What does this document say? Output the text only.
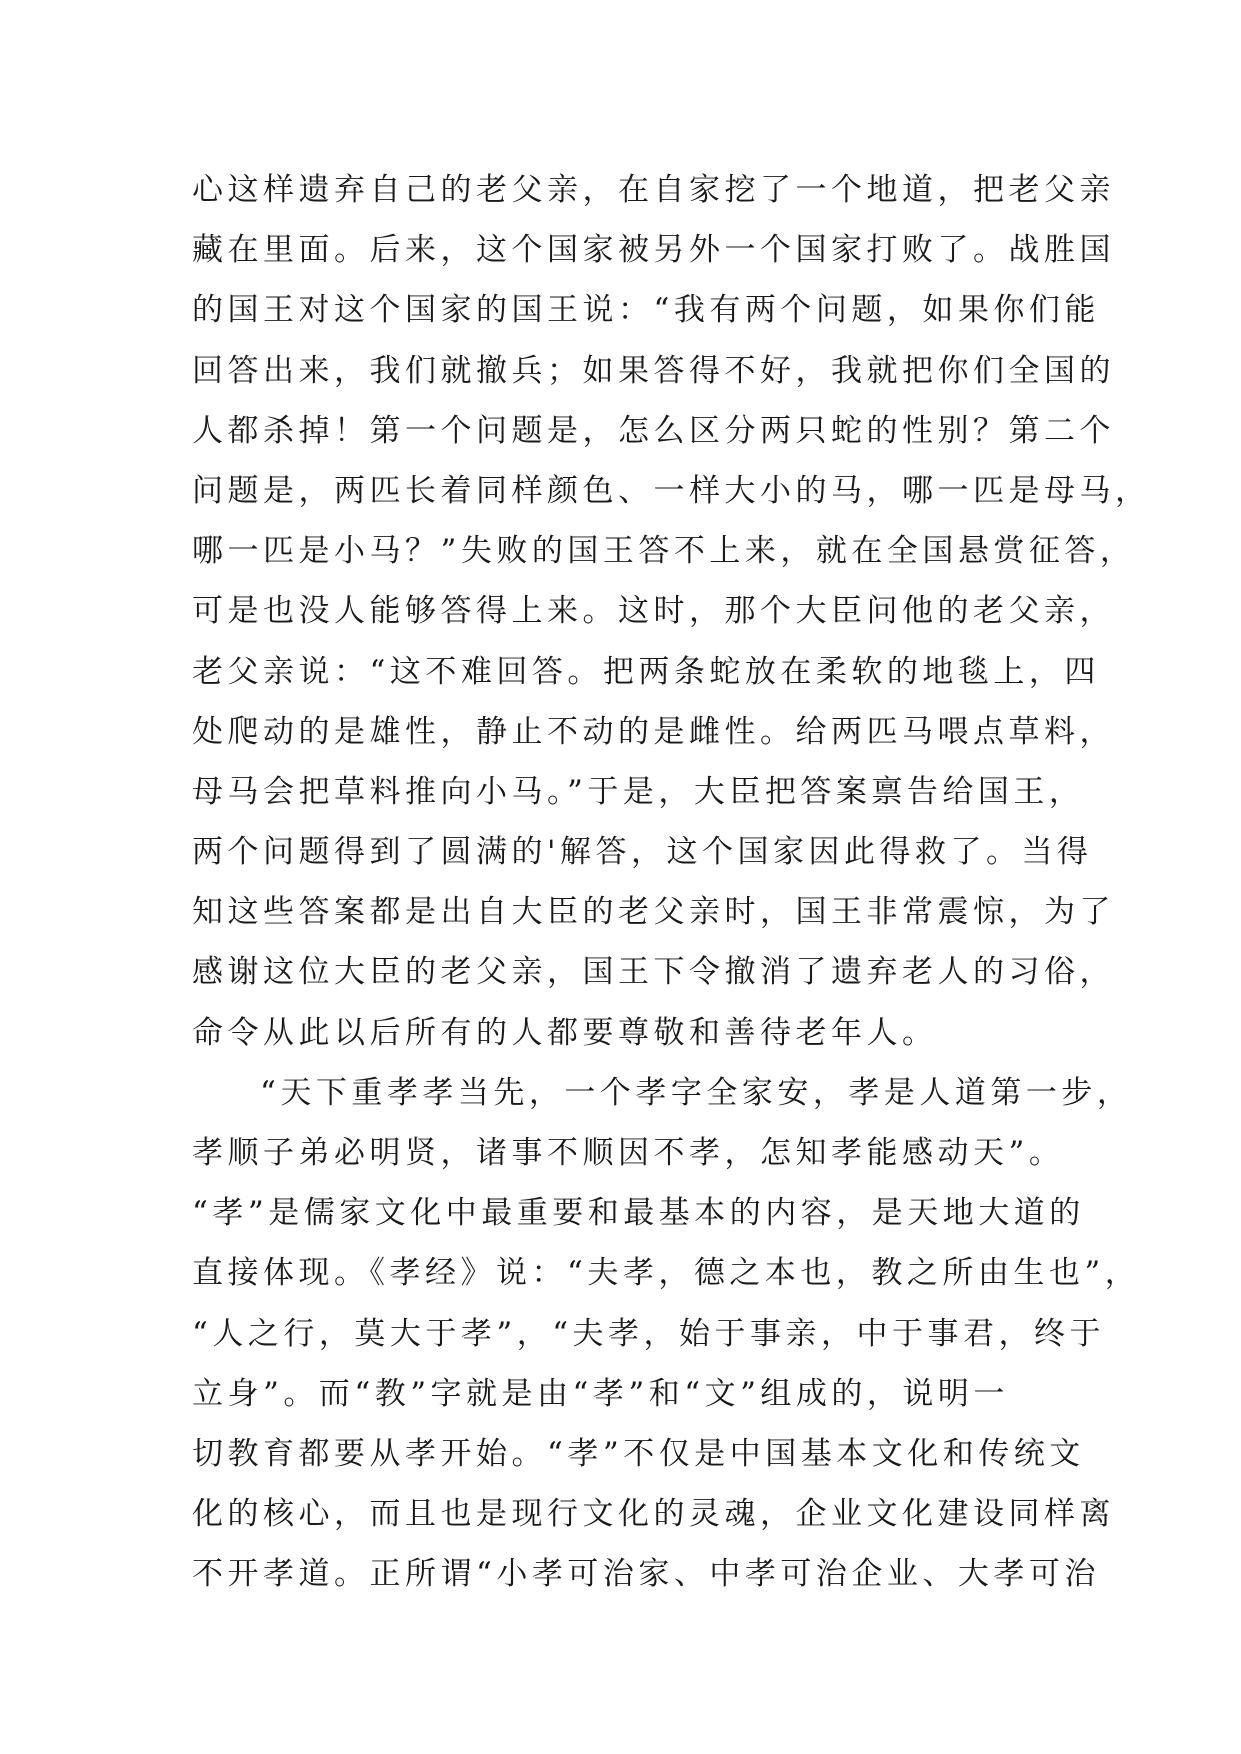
心这样遗弃自己的老父亲，在自家挖了一个地道，把老父亲
藏在里面。后来，这个国家被另外一个国家打败了。战胜国
的国王对这个国家的国王说：“我有两个问题，如果你们能
回答出来，我们就撤兵；如果答得不好，我就把你们全国的
人都杀掉！第一个问题是，怎么区分两只蛇的性别？第二个
问题是，两匹长着同样颜色、一样大小的马，哪一匹是母马，
哪一匹是小马？”失败的国王答不上来，就在全国悬赏征答，
可是也没人能够答得上来。这时，那个大臣问他的老父亲，
老父亲说：“这不难回答。把两条蛇放在柔软的地毯上，四
处爬动的是雄性，静止不动的是雌性。给两匹马喂点草料，
母马会把草料推向小马。”于是，大臣把答案禀告给国王，
两个问题得到了圆满的'解答，这个国家因此得救了。当得
知这些答案都是出自大臣的老父亲时，国王非常震惊，为了
感谢这位大臣的老父亲，国王下令撤消了遗弃老人的习俗，
命令从此以后所有的人都要尊敬和善待老年人。
“天下重孝孝当先，一个孝字全家安，孝是人道第一步，
孝顺子弟必明贤，诸事不顺因不孝，怎知孝能感动天”。
“孝”是儒家文化中最重要和最基本的内容，是天地大道的
直接体现。《孝经》说：“夫孝，德之本也，教之所由生也”，
“人之行，莫大于孝”，“夫孝，始于事亲，中于事君，终于
立身”。而“教”字就是由“孝”和“文”组成的，说明一
切教育都要从孝开始。“孝”不仅是中国基本文化和传统文
化的核心，而且也是现行文化的灵魂，企业文化建设同样离
不开孝道。正所谓“小孝可治家、中孝可治企业、大孝可治
